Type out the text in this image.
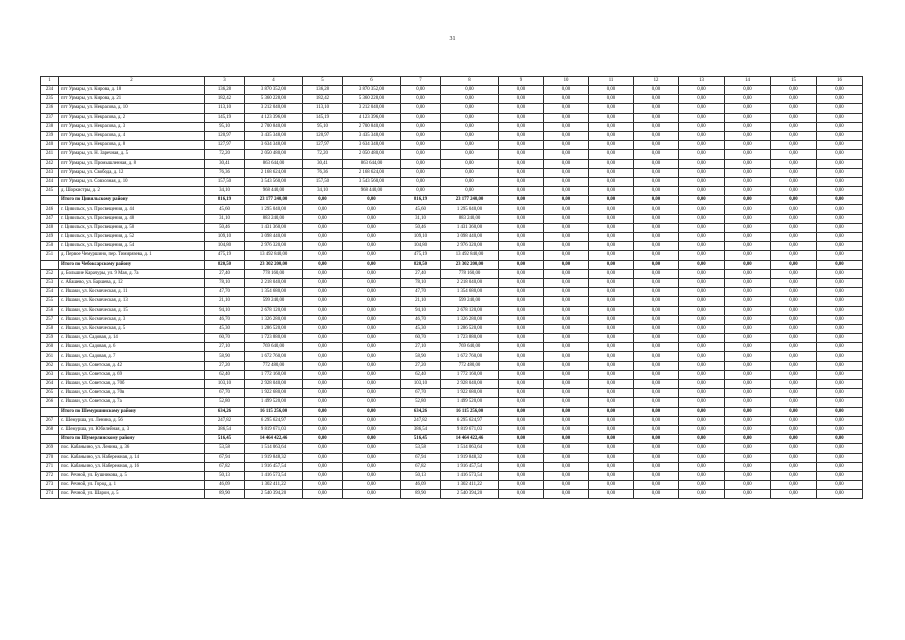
31
1	2	3	4	5	6	7	8	9	10	11	12	13	14	15	16
234	пгт Урмары, ул. Кирова, д. 18	136,28	3 870 352,00	136,28	3 870 352,00	0,00	0,00	0,00	0,00	0,00	0,00	0,00	0,00	0,00	0,00
235	пгт Урмары, ул. Кирова, д. 21	182,42	5 360 228,00	182,42	5 360 228,00	0,00	0,00	0,00	0,00	0,00	0,00	0,00	0,00	0,00	0,00
236	пгт Урмары, ул. Некрасова, д. 10	113,10	3 212 040,00	113,10	3 212 040,00	0,00	0,00	0,00	0,00	0,00	0,00	0,00	0,00	0,00	0,00
237	пгт Урмары, ул. Некрасова, д. 2	145,19	4 123 396,00	145,19	4 123 396,00	0,00	0,00	0,00	0,00	0,00	0,00	0,00	0,00	0,00	0,00
238	пгт Урмары, ул. Некрасова, д. 3	95,10	2 700 840,00	95,10	2 700 840,00	0,00	0,00	0,00	0,00	0,00	0,00	0,00	0,00	0,00	0,00
239	пгт Урмары, ул. Некрасова, д. 4	120,97	3 435 348,00	120,97	3 435 348,00	0,00	0,00	0,00	0,00	0,00	0,00	0,00	0,00	0,00	0,00
240	пгт Урмары, ул. Некрасова, д. 8	127,97	3 634 348,00	127,97	3 634 348,00	0,00	0,00	0,00	0,00	0,00	0,00	0,00	0,00	0,00	0,00
241	пгт Урмары, ул. Н. Заречная, д. 5	72,20	2 050 480,00	72,20	2 050 480,00	0,00	0,00	0,00	0,00	0,00	0,00	0,00	0,00	0,00	0,00
242	пгт Урмары, ул. Промышленная, д. 8	30,41	863 644,00	30,41	863 644,00	0,00	0,00	0,00	0,00	0,00	0,00	0,00	0,00	0,00	0,00
243	пгт Урмары, ул. Свобода, д. 12	76,36	2 168 624,00	76,36	2 168 624,00	0,00	0,00	0,00	0,00	0,00	0,00	0,00	0,00	0,00	0,00
244	пгт Урмары, ул. Совхозная, д. 10	157,50	3 543 560,00	157,50	3 543 560,00	0,00	0,00	0,00	0,00	0,00	0,00	0,00	0,00	0,00	0,00
245	д. Шоркистры, д. 2	34,10	968 440,00	34,10	968 440,00	0,00	0,00	0,00	0,00	0,00	0,00	0,00	0,00	0,00	0,00
	Итого по Цивильскому району	816,19	23 177 240,00	0,00	0,00	816,19	23 177 240,00	0,00	0,00	0,00	0,00	0,00	0,00	0,00	0,00
246	г. Цивильск, ул. Просвещения, д. 44	45,60	1 295 040,00	0,00	0,00	45,60	1 295 040,00	0,00	0,00	0,00	0,00	0,00	0,00	0,00	0,00
247	г. Цивильск, ул. Просвещения, д. 48	31,10	883 240,00	0,00	0,00	31,10	883 240,00	0,00	0,00	0,00	0,00	0,00	0,00	0,00	0,00
248	г. Цивильск, ул. Просвещения, д. 50	50,46	1 431 360,00	0,00	0,00	50,46	1 431 360,00	0,00	0,00	0,00	0,00	0,00	0,00	0,00	0,00
249	г. Цивильск, ул. Просвещения, д. 52	109,10	3 098 440,00	0,00	0,00	109,10	3 098 440,00	0,00	0,00	0,00	0,00	0,00	0,00	0,00	0,00
250	г. Цивильск, ул. Просвещения, д. 54	104,80	2 976 320,00	0,00	0,00	104,80	2 976 320,00	0,00	0,00	0,00	0,00	0,00	0,00	0,00	0,00
251	д. Первое Чемуршино, пер. Тимирязева, д. 1	475,19	13 492 840,00	0,00	0,00	475,19	13 492 840,00	0,00	0,00	0,00	0,00	0,00	0,00	0,00	0,00
	Итого по Чебоксарскому району	820,50	23 302 200,00	0,00	0,00	820,50	23 302 200,00	0,00	0,00	0,00	0,00	0,00	0,00	0,00	0,00
252	д. Большие Карачуры, ул. 9 Мая, д. 7а	27,40	778 160,00	0,00	0,00	27,40	778 160,00	0,00	0,00	0,00	0,00	0,00	0,00	0,00	0,00
253	с. Абашево, ул. Баршева, д. 12	78,10	2 218 040,00	0,00	0,00	78,10	2 218 040,00	0,00	0,00	0,00	0,00	0,00	0,00	0,00	0,00
254	с. Ишаки, ул. Космическая, д. 11	47,70	1 354 680,00	0,00	0,00	47,70	1 354 680,00	0,00	0,00	0,00	0,00	0,00	0,00	0,00	0,00
255	с. Ишаки, ул. Космическая, д. 13	21,10	599 240,00	0,00	0,00	21,10	599 240,00	0,00	0,00	0,00	0,00	0,00	0,00	0,00	0,00
256	с. Ишаки, ул. Космическая, д. 15	94,10	2 678 120,00	0,00	0,00	94,10	2 678 120,00	0,00	0,00	0,00	0,00	0,00	0,00	0,00	0,00
257	с. Ишаки, ул. Космическая, д. 3	46,70	1 326 280,00	0,00	0,00	46,70	1 326 280,00	0,00	0,00	0,00	0,00	0,00	0,00	0,00	0,00
258	с. Ишаки, ул. Космическая, д. 5	45,30	1 286 520,00	0,00	0,00	45,30	1 286 520,00	0,00	0,00	0,00	0,00	0,00	0,00	0,00	0,00
259	с. Ишаки, ул. Садовая, д. 14	60,70	1 723 880,00	0,00	0,00	60,70	1 723 880,00	0,00	0,00	0,00	0,00	0,00	0,00	0,00	0,00
260	с. Ишаки, ул. Садовая, д. 6	27,10	769 640,00	0,00	0,00	27,10	769 640,00	0,00	0,00	0,00	0,00	0,00	0,00	0,00	0,00
261	с. Ишаки, ул. Садовая, д. 7	58,90	1 672 760,00	0,00	0,00	58,90	1 672 760,00	0,00	0,00	0,00	0,00	0,00	0,00	0,00	0,00
262	с. Ишаки, ул. Советская, д. 42	27,20	772 480,00	0,00	0,00	27,20	772 480,00	0,00	0,00	0,00	0,00	0,00	0,00	0,00	0,00
263	с. Ишаки, ул. Советская, д. 69	62,40	1 772 160,00	0,00	0,00	62,40	1 772 160,00	0,00	0,00	0,00	0,00	0,00	0,00	0,00	0,00
264	с. Ишаки, ул. Советская, д. 70б	103,10	2 928 040,00	0,00	0,00	103,10	2 928 040,00	0,00	0,00	0,00	0,00	0,00	0,00	0,00	0,00
265	с. Ишаки, ул. Советская, д. 70в	67,70	1 922 680,00	0,00	0,00	67,70	1 922 680,00	0,00	0,00	0,00	0,00	0,00	0,00	0,00	0,00
266	с. Ишаки, ул. Советская, д. 7а	52,80	1 499 520,00	0,00	0,00	52,80	1 499 520,00	0,00	0,00	0,00	0,00	0,00	0,00	0,00	0,00
	Итого по Шемуршинскому району	634,26	16 115 256,00	0,00	0,00	634,26	16 115 256,00	0,00	0,00	0,00	0,00	0,00	0,00	0,00	0,00
267	с. Шемурша, ул. Ленина, д. 56	247,82	6 295 624,97	0,00	0,00	247,82	6 295 624,97	0,00	0,00	0,00	0,00	0,00	0,00	0,00	0,00
268	с. Шемурша, ул. Юбилейная, д. 3	386,54	9 819 671,03	0,00	0,00	386,54	9 819 671,03	0,00	0,00	0,00	0,00	0,00	0,00	0,00	0,00
	Итого по Шумерлинскому району	516,45	14 464 422,46	0,00	0,00	516,45	14 464 422,46	0,00	0,00	0,00	0,00	0,00	0,00	0,00	0,00
269	пос. Кабаньино, ул. Ленина, д. 36	53,58	1 514 063,64	0,00	0,00	53,58	1 514 063,64	0,00	0,00	0,00	0,00	0,00	0,00	0,00	0,00
270	пос. Кабаньино, ул. Набережная, д. 14	67,94	1 919 848,32	0,00	0,00	67,94	1 919 848,32	0,00	0,00	0,00	0,00	0,00	0,00	0,00	0,00
271	пос. Кабаньино, ул. Набережная, д. 16	67,82	1 916 457,54	0,00	0,00	67,82	1 916 457,54	0,00	0,00	0,00	0,00	0,00	0,00	0,00	0,00
272	пос. Речной, ул. Бушникова, д. 5	50,13	1 416 573,54	0,00	0,00	50,13	1 416 573,54	0,00	0,00	0,00	0,00	0,00	0,00	0,00	0,00
273	пос. Речной, ул. Город, д. 1	46,09	1 302 411,22	0,00	0,00	46,09	1 302 411,22	0,00	0,00	0,00	0,00	0,00	0,00	0,00	0,00
274	пос. Речной, ул. Шарон, д. 5	89,90	2 540 394,20	0,00	0,00	89,90	2 540 394,20	0,00	0,00	0,00	0,00	0,00	0,00	0,00	0,00
